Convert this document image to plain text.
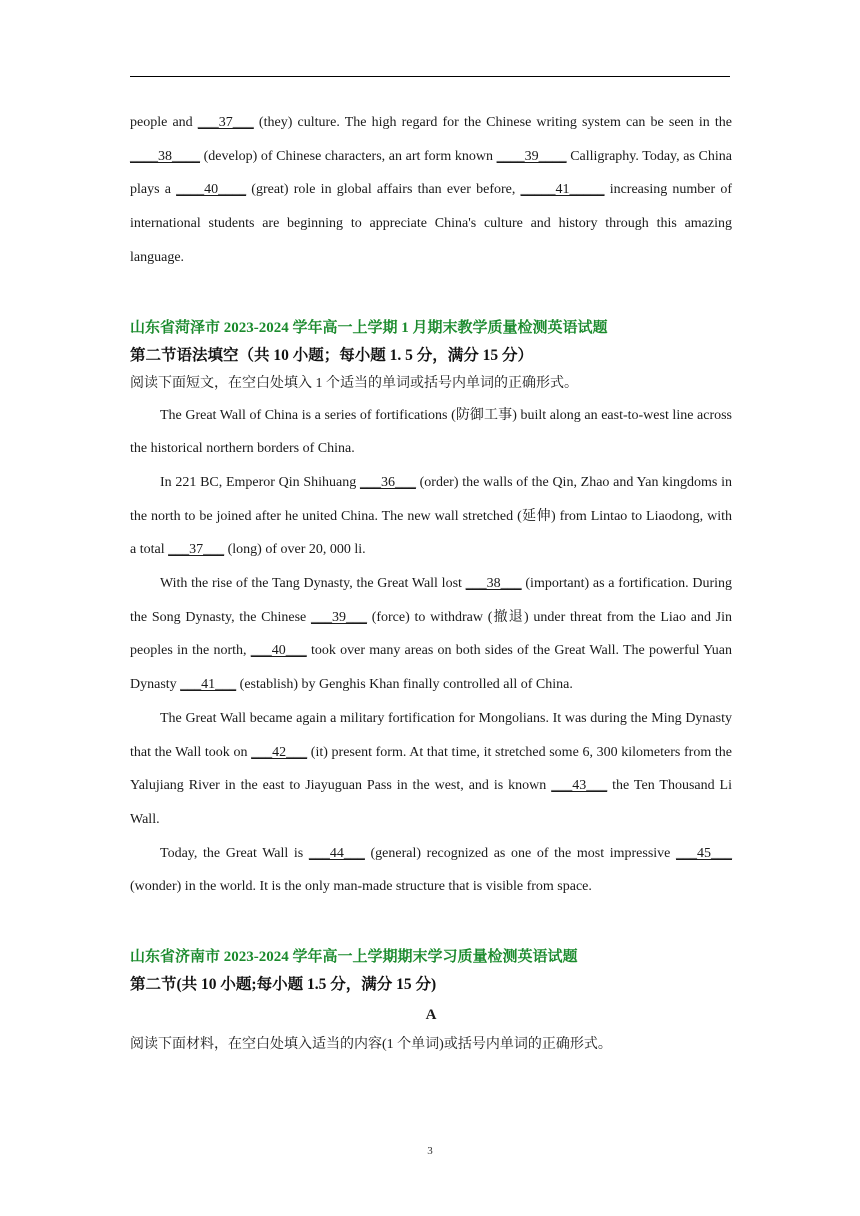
people and ___37___ (they) culture. The high regard for the Chinese writing system can be seen in the ____38____ (develop) of Chinese characters, an art form known ____39____ Calligraphy. Today, as China plays a ____40____ (great) role in global affairs than ever before, _____41_____ increasing number of international students are beginning to appreciate China's culture and history through this amazing language.

山东省菏泽市 2023-2024 学年高一上学期 1 月期末教学质量检测英语试题

第二节语法填空（共 10 小题；每小题 1. 5 分，满分 15 分）

阅读下面短文，在空白处填入 1 个适当的单词或括号内单词的正确形式。

The Great Wall of China is a series of fortifications (防御工事) built along an east-to-west line across the historical northern borders of China.

In 221 BC, Emperor Qin Shihuang ___36___ (order) the walls of the Qin, Zhao and Yan kingdoms in the north to be joined after he united China. The new wall stretched (延伸) from Lintao to Liaodong, with a total ___37___ (long) of over 20, 000 li.

With the rise of the Tang Dynasty, the Great Wall lost ___38___ (important) as a fortification. During the Song Dynasty, the Chinese ___39___ (force) to withdraw (撤退) under threat from the Liao and Jin peoples in the north, ___40___ took over many areas on both sides of the Great Wall. The powerful Yuan Dynasty ___41___ (establish) by Genghis Khan finally controlled all of China.

The Great Wall became again a military fortification for Mongolians. It was during the Ming Dynasty that the Wall took on ___42___ (it) present form. At that time, it stretched some 6, 300 kilometers from the Yalujiang River in the east to Jiayuguan Pass in the west, and is known ___43___ the Ten Thousand Li Wall.

Today, the Great Wall is ___44___ (general) recognized as one of the most impressive ___45___ (wonder) in the world. It is the only man-made structure that is visible from space.

山东省济南市 2023-2024 学年高一上学期期末学习质量检测英语试题

第二节(共 10 小题;每小题 1.5 分，满分 15 分)

A

阅读下面材料，在空白处填入适当的内容(1 个单词)或括号内单词的正确形式。

3
